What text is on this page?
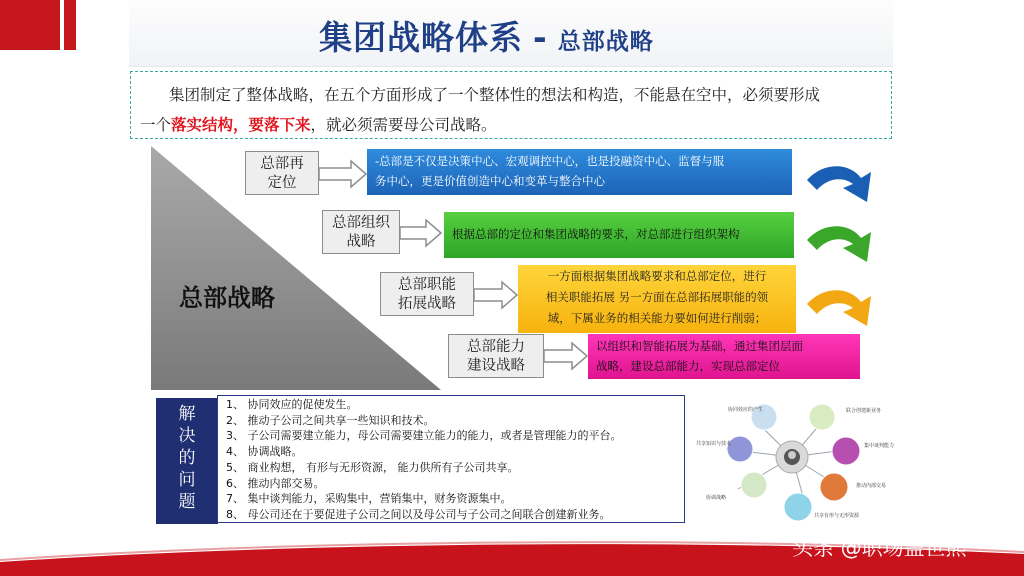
集团战略体系 - 总部战略

集团制定了整体战略，在五个方面形成了一个整体性的想法和构造，不能悬在空中，必须要形成

一个落实结构，要落下来，就必须需要母公司战略。

总部战略
总部再
定位
-总部是不仅是决策中心、宏观调控中心，也是投融资中心、监督与服
务中心，更是价值创造中心和变革与整合中心
总部组织
战略	根据总部的定位和集团战略的要求，对总部进行组织架构
总部职能
拓展战略
一方面根据集团战略要求和总部定位，进行
相关职能拓展 另一方面在总部拓展职能的领
域，下属业务的相关能力要如何进行削弱；
总部能力
建设战略
以组织和智能拓展为基础，通过集团层面
战略，建设总部能力，实现总部定位
解
决
的
问
题
1、 协同效应的促使发生。
2、 推动子公司之间共享一些知识和技术。
3、 子公司需要建立能力，母公司需要建立能力的能力，或者是管理能力的平台。
4、 协调战略。
5、 商业构想， 有形与无形资源， 能力供所有子公司共享。
6、 推动内部交易。
7、 集中谈判能力，采购集中，营销集中，财务资源集中。
8、 母公司还在于要促进子公司之间以及母公司与子公司之间联合创建新业务。
协同效应的产生	联合创建新业务
集中谈判能力
推动内部交易
共享有形与无形资源
协调战略
共享知识与技术
头条 @职场盖世熊
